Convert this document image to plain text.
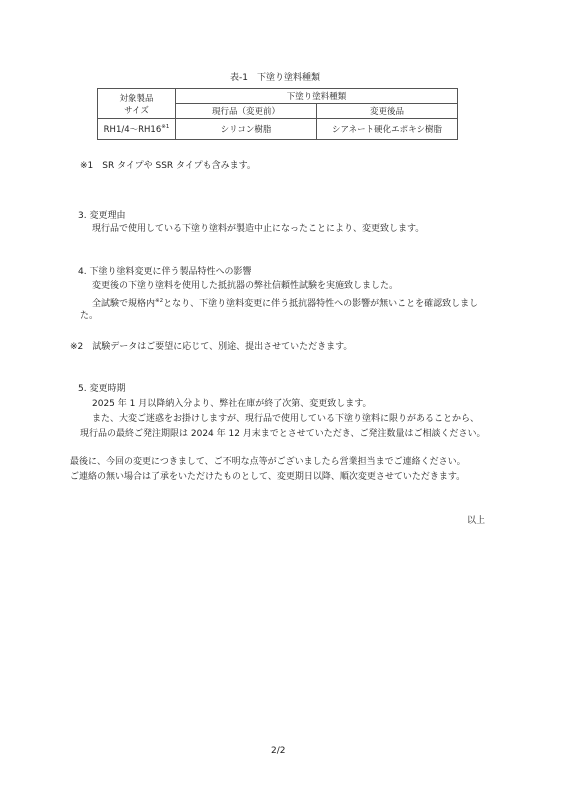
表-1　下塗り塗料種類
対象製品
サイズ	下塗り塗料種類	
	現行品（変更前）	変更後品
RH1/4～RH16$^{※1}$	シリコン樹脂	シアネート硬化エポキシ樹脂
※1　SR タイプや SSR タイプも含みます。
3. 変更理由
現行品で使用している下塗り塗料が製造中止になったことにより、変更致します。
4. 下塗り塗料変更に伴う製品特性への影響
変更後の下塗り塗料を使用した抵抗器の弊社信頼性試験を実施致しました。
全試験で規格内$^{※2}$となり、下塗り塗料変更に伴う抵抗器特性への影響が無いことを確認致しまし
た。
※2　試験データはご要望に応じて、別途、提出させていただきます。
5. 変更時期
2025 年 1 月以降納入分より、弊社在庫が終了次第、変更致します。
また、大変ご迷惑をお掛けしますが、現行品で使用している下塗り塗料に限りがあることから、
現行品の最終ご発注期限は 2024 年 12 月末までとさせていただき、ご発注数量はご相談ください。
最後に、今回の変更につきまして、ご不明な点等がございましたら営業担当までご連絡ください。
ご連絡の無い場合は了承をいただけたものとして、変更期日以降、順次変更させていただきます。
以上
2/2
